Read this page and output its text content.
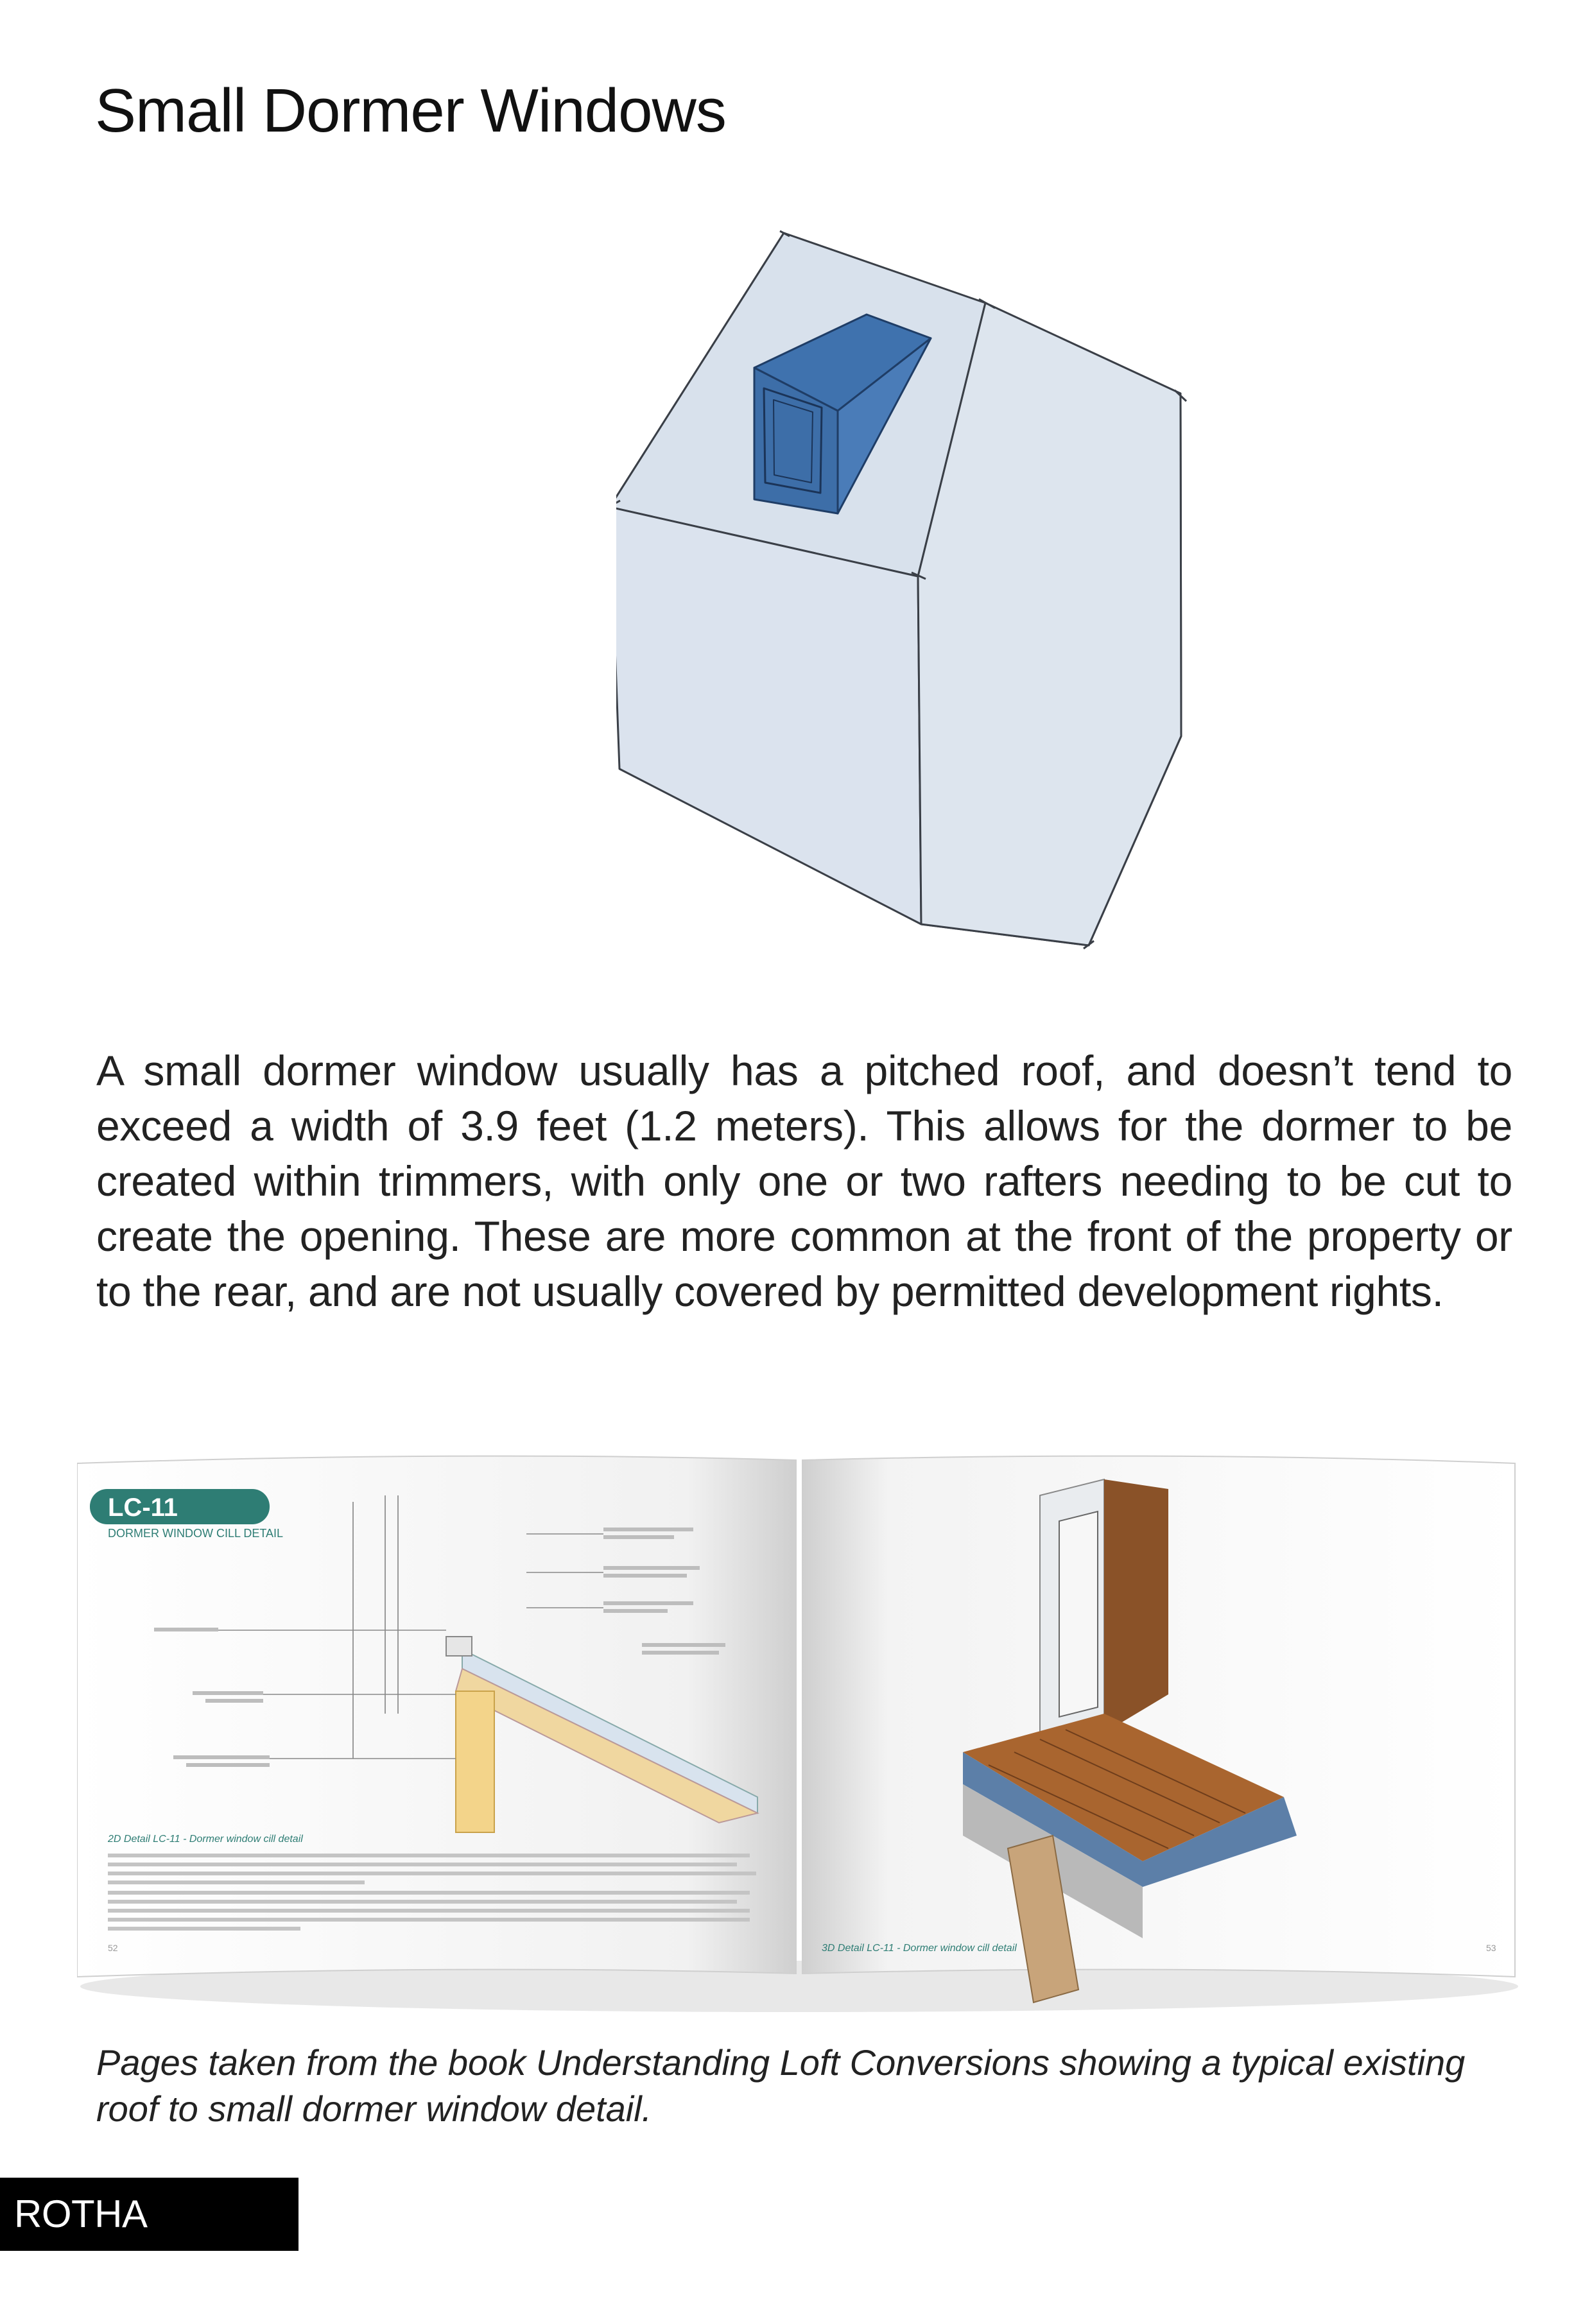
Small Dormer Windows

A small dormer window usually has a pitched roof, and doesn’t tend to exceed a width of 3.9 feet (1.2 meters). This allows for the dormer to be created within trimmers, with only one or two rafters needing to be cut to create the opening. These are more common at the front of the property or to the rear, and are not usually covered by permitted development rights.

LC-11
DORMER WINDOW CILL DETAIL
2D Detail LC-11 - Dormer window cill detail
52	3D Detail LC-11 - Dormer window cill detail	53

Pages taken from the book Understanding Loft Conversions showing a typical existing roof to small dormer window detail.

ROTHA OUDOM
